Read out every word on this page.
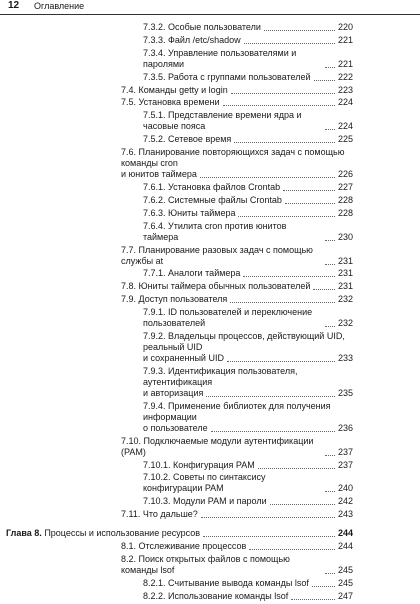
12 Оглавление
7.3.2. Особые пользователи	220
7.3.3. Файл /etc/shadow	221
7.3.4. Управление пользователями и паролями	221
7.3.5. Работа с группами пользователей	222
7.4. Команды getty и login	223
7.5. Установка времени	224
7.5.1. Представление времени ядра и часовые пояса	224
7.5.2. Сетевое время	225
7.6. Планирование повторяющихся задач с помощью команды cron
и юнитов таймера	226
7.6.1. Установка файлов Crontab	227
7.6.2. Системные файлы Crontab	228
7.6.3. Юниты таймера	228
7.6.4. Утилита cron против юнитов таймера	230
7.7. Планирование разовых задач с помощью службы at	231
7.7.1. Аналоги таймера	231
7.8. Юниты таймера обычных пользователей	231
7.9. Доступ пользователя	232
7.9.1. ID пользователей и переключение пользователей	232
7.9.2. Владельцы процессов, действующий UID, реальный UID
и сохраненный UID	233
7.9.3. Идентификация пользователя, аутентификация
и авторизация	235
7.9.4. Применение библиотек для получения информации
о пользователе	236
7.10. Подключаемые модули аутентификации (PAM)	237
7.10.1. Конфигурация PAM	237
7.10.2. Советы по синтаксису конфигурации PAM	240
7.10.3. Модули PAM и пароли	242
7.11. Что дальше?	243
Глава 8. Процессы и использование ресурсов	244
8.1. Отслеживание процессов	244
8.2. Поиск открытых файлов с помощью команды lsof	245
8.2.1. Считывание вывода команды lsof	245
8.2.2. Использование команды lsof	247
